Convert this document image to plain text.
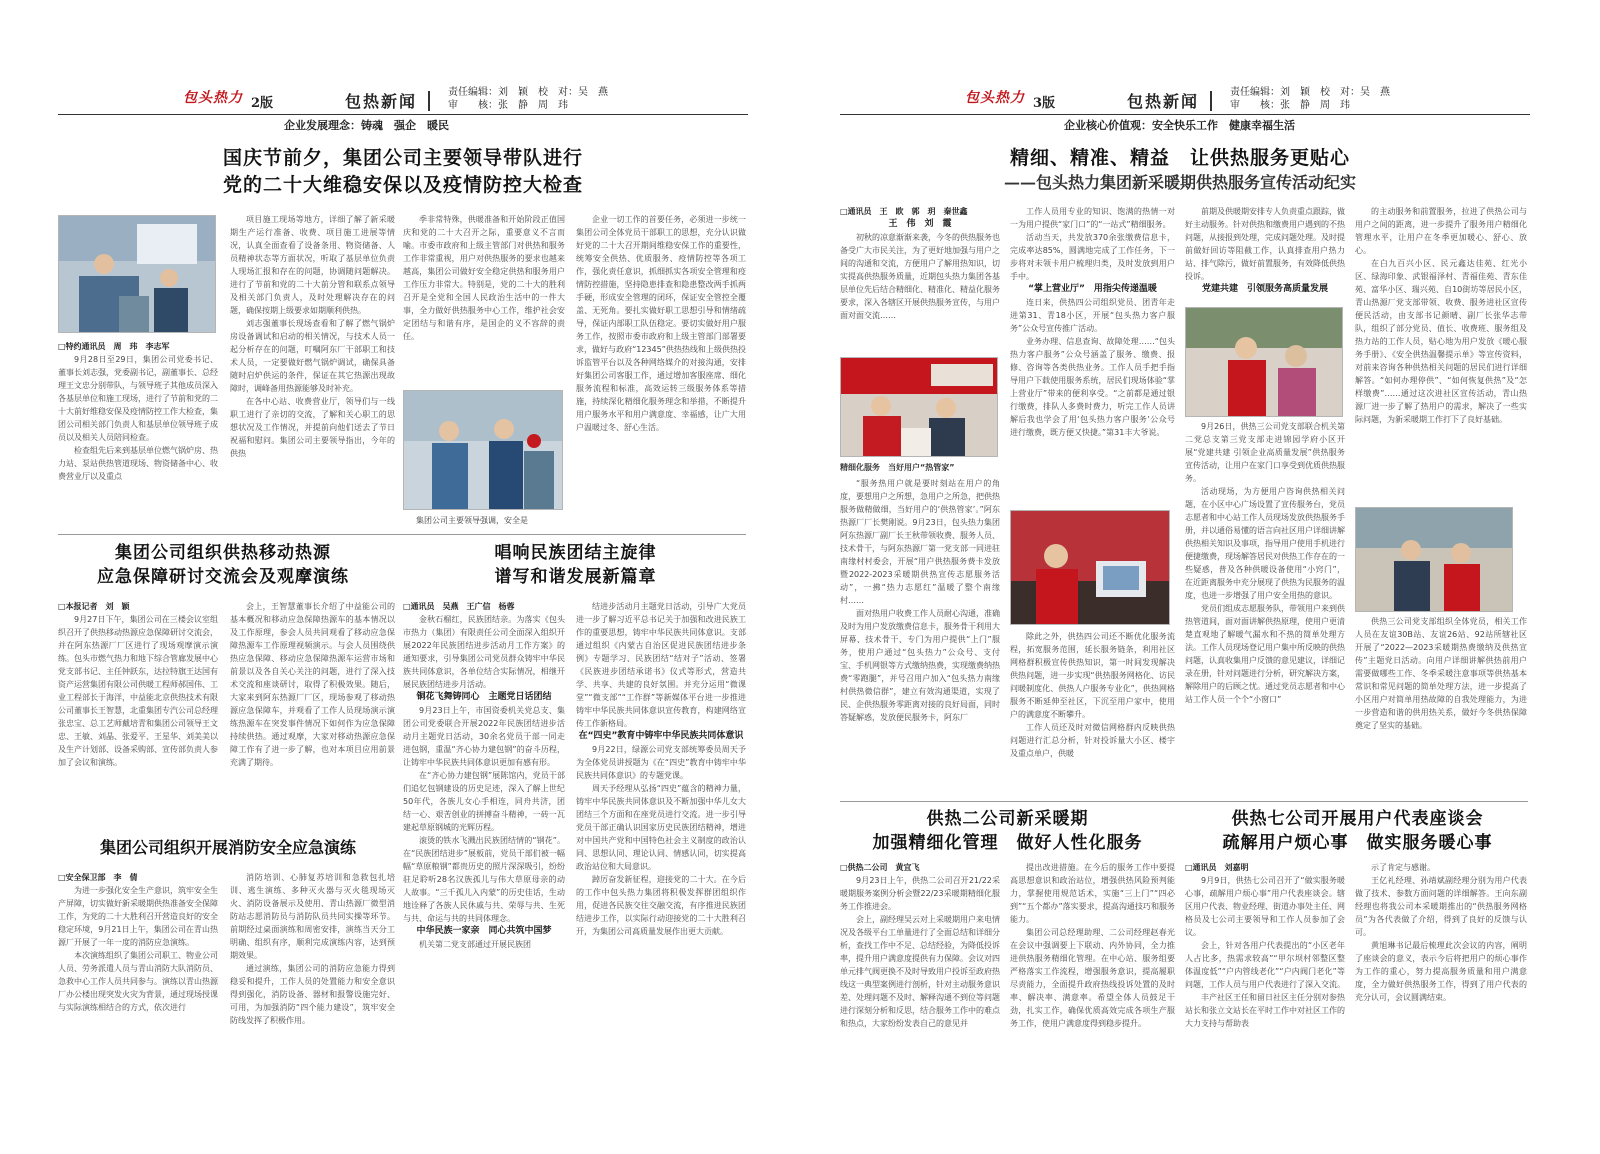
包头热力 2版	包热新闻	责任编辑：刘　颖　校　对：吴　燕
审　　核：张　静　周　玮
企业发展理念：铸魂　强企　暖民
国庆节前夕，集团公司主要领导带队进行
党的二十大维稳安保以及疫情防控大检查

□特约通讯员　周　玮　李志军

9月28日至29日，集团公司党委书记、董事长刘志强，党委副书记，副董事长、总经理王文忠分别带队，与领导班子其他成员深入各基层单位和施工现场，进行了节前和党的二十大前好维稳安保及疫情防控工作大检查，集团公司相关部门负责人和基层单位领导班子成员以及相关人员陪同检查。

检查组先后来到基层单位燃气锅炉房、热力站、泵站供热管道现场、物资储备中心、收费营业厅以及重点

项目施工现场等地方，详细了解了新采暖期生产运行准备、收费、项目施工进展等情况，认真全面查看了设备条用、物资储备、人员精神状态等方面状况，听取了基层单位负责人现场汇报和存在的问题，协调随问题解决。进行了节前和党的二十大前分管和联系点领导及相关部门负责人，及时处理解决存在的问题，确保按期上级要求如期顺利供热。

刘志强董事长现场查看和了解了燃气锅炉房设备调试和启动的相关情况，与技术人员一起分析存在的问题，叮嘱阿东厂干部职工和技术人员，一定要做好燃气锅炉调试，确保具备随时启炉供运的条件，保证在其它热源出现故障时，调峰备用热源能够及时补充。

在各中心站、收费营业厅，领导们与一线职工进行了亲切的交流，了解和关心职工的思想状况及工作情况，并提前向他们送去了节日祝福和慰问。集团公司主要领导指出，今年的供热

季非常特殊，供暖准备和开始阶段正值国庆和党的二十大召开之际，重要意义不言而喻。市委市政府和上级主管部门对供热和服务工作非常重视，用户对供热服务的要求也越来越高，集团公司做好安全稳定供热和服务用户工作压力非常大。特别是，党的二十大的胜利召开是全党和全国人民政治生活中的一件大事，全力做好供热服务中心工作，维护社会安定团结与和谐有序，是国企的义不容辞的责任。

集团公司主要领导强调，安全是

企业一切工作的首要任务，必须进一步统一集团公司全体党员干部职工的思想，充分认识做好党的二十大召开期间维稳安保工作的重要性，统筹安全供热、优质服务、疫情防控等各项工作，强化责任意识，抓细抓实各项安全管理和疫情防控措施，坚持隐患排查和隐患整改两手抓两手硬，形成安全管理的闭环，保证安全管控全覆盖、无死角。要扎实做好职工思想引导和情绪疏导，保证内部职工队伍稳定。要切实做好用户服务工作，按照市委市政府和上级主管部门部署要求，做好与政府“12345”供热热线和上级供热投诉监管平台以及各种网络媒介的对接沟通，安排好集团公司客服工作，通过增加客服座席、细化服务流程和标准，高效运转三级服务体系等措施，持续深化精细化服务理念和举措，不断提升用户服务水平和用户满意度、幸福感，让广大用户温暖过冬、舒心生活。

集团公司组织供热移动热源
应急保障研讨交流会及观摩演练

□本报记者　刘　颖

9月27日下午，集团公司在三楼会议室组织召开了供热移动热源应急保障研讨交流会，并在阿东热源厂厂区进行了现场观摩演示演练。包头市燃气热力和地下综合管廊发展中心党支部书记、主任钟跃东，达拉特旗王达国有资产运营集团有限公司供暖工程师郝国伟、工业工程部长于海洋，中益能北京供热技术有限公司董事长王智慧，北重集团专汽公司总经理张忠宝、总工艺师戴培青和集团公司领导王文忠、王敏、刘晶、张爱平、王星华、刘美美以及生产计划部、设备采购部、宣传部负责人参加了会议和演练。

会上，王智慧董事长介绍了中益能公司的基本概况和移动应急保障热源车的基本情况以及工作原理，参会人员共同观看了移动应急保障热源车工作原理视频演示。与会人员围绕供热应急保障、移动应急保障热源车运营市场和前景以及各自关心关注的问题，进行了深入技术交流和座谈研讨，取得了积极效果。随后，大家来到阿东热源厂厂区，现场参观了移动热源应急保障车，并观看了工作人员现场演示演练热源车在突发事件情况下如何作为应急保障持续供热。通过观摩，大家对移动热源应急保障工作有了进一步了解，也对本项目应用前景充满了期待。

集团公司组织开展消防安全应急演练

□安全保卫部　李　倩

为进一步强化安全生产意识，筑牢安全生产屏障，切实做好新采暖期供热准备安全保障工作，为党的二十大胜利召开营造良好的安全稳定环境，9月21日上午，集团公司在青山热源厂开展了一年一度的消防应急演练。

本次演练组织了集团公司职工、物业公司人员、劳务派遣人员与青山消防大队消防员、急救中心工作人员共同参与。演练以青山热源厂办公楼出现突发火灾为背景，通过现场授课与实际演练相结合的方式，依次进行

消防培训、心肺复苏培训和急救包扎培训、逃生演练、多种灭火器与灭火毯现场灭火、消防设备展示及使用、青山热源厂微型消防站志愿消防员与消防队员共同实操等环节。前期经过桌面演练和周密安排，演练当天分工明确、组织有序，顺利完成演练内容，达到预期效果。

通过演练，集团公司的消防应急能力得到稳妥和提升，工作人员的处置能力和安全意识得到强化，消防设备、器材和报警设施完好、可用，为加强消防“四个能力建设”，筑牢安全防线发挥了积极作用。

唱响民族团结主旋律
谱写和谐发展新篇章

□通讯员　吴燕　王广信　杨蓉

金秋石榴红，民族团结亲。为落实《包头市热力（集团）有限责任公司全面深入组织开展2022年民族团结进步活动月工作方案》的通知要求，引导集团公司党员群众铸牢中华民族共同体意识，各单位结合实际情况，相继开展民族团结进步月活动。

铜花飞舞铸同心　主题党日话团结

9月23日上午，市国资委机关党总支、集团公司党委联合开展2022年民族团结进步活动月主题党日活动，30余名党员干部一同走进包钢，重温“齐心协力建包钢”的奋斗历程，让铸牢中华民族共同体意识更加有感有形。

在“齐心协力建包钢”展陈馆内，党员干部们追忆包钢建设的历史足迹，深入了解上世纪50年代，各族儿女心手相连，同舟共济，团结一心、艰苦创业的拼搏奋斗精神，一砖一瓦建起草原钢城的光辉历程。

滚烫的铁水飞溅出民族团结情的“钢花”。在“民族团结进步”展板前，党员干部们被一幅幅“草原粮钢”都贵历史的照片深深吸引，纷纷驻足聆听28名汉族孤儿与伟大草原母亲的动人故事。“三千孤儿入内蒙”的历史佳话，生动地诠释了各族人民休戚与共、荣辱与共、生死与共、命运与共的共同体理念。

中华民族一家亲　同心共筑中国梦

机关第二党支部通过开展民族团

结进步活动月主题党日活动，引导广大党员进一步了解习近平总书记关于加强和改进民族工作的重要思想，铸牢中华民族共同体意识。支部通过组织《内蒙古自治区促进民族团结进步条例》专题学习、民族团结“结对子”活动、签署《民族进步团结承诺书》仪式等形式，营造共学、共享、共建的良好氛围。并充分运用“微课堂”“微支部”“工作群”等新媒体平台进一步推进铸牢中华民族共同体意识宣传教育，构建网络宣传工作新格局。

在“四史”教育中铸牢中华民族共同体意识

9月22日，绿源公司党支部统筹委员周天予为全体党员讲授题为《在“四史”教育中铸牢中华民族共同体意识》的专题党课。

周天予经理从弘扬“四史”蕴含的精神力量，铸牢中华民族共同体意识及不断加强中华儿女大团结三个方面和在座党员进行交流。进一步引导党员干部正确认识国家历史民族团结精神，增进对中国共产党和中国特色社会主义制度的政治认同、思想认同、理论认同、情感认同，切实提高政治站位和大局意识。

踔厉奋发新征程，迎接党的二十大。在今后的工作中包头热力集团将积极发挥群团组织作用，促进各民族交往交融交流，有序推进民族团结进步工作，以实际行动迎接党的二十大胜利召开，为集团公司高质量发展作出更大贡献。

包头热力 3版	包热新闻	责任编辑：刘　颖　校　对：吴　燕
审　　核：张　静　周　玮
企业核心价值观：安全快乐工作　健康幸福生活
精细、精准、精益　让供热服务更贴心
——包头热力集团新采暖期供热服务宣传活动纪实

□通讯员　王　欧　郭　玥　秦世鑫

王　伟　刘　霞

初秋的凉意渐渐来袭，今冬的供热服务也备受广大市民关注，为了更好地加强与用户之间的沟通和交流，方便用户了解用热知识，切实提高供热服务质量，近期包头热力集团各基层单位先后结合精细化、精准化、精益化服务要求，深入各辖区开展供热服务宣传，与用户面对面交流……

精细化服务　当好用户“热管家”

“服务热用户就是要时刻站在用户的角度，要想用户之所想，急用户之所急，把供热服务做精做细，当好用户的‘供热管家’。”阿东热源厂厂长樊刚说。9月23日，包头热力集团阿东热源厂副厂长王秋带领收费、服务人员、技术骨干，与阿东热源厂第一党支部一同进驻南缘村村委会，开展“用户供热服务费卡发放暨2022-2023采暖期供热宣传志愿服务活动”，一拂“热力志愿红”温暖了整个南缘村……

面对热用户收费工作人员耐心沟通，准确及时为用户发放缴费信息卡，服务骨干利用大屏幕、技术骨干、专门为用户提供“上门”服务，使用户通过“包头热力”公众号、支付宝、手机网银等方式缴纳热费，实现缴费纳热费“零跑腿”，并号召用户加入“包头热力南缘村供热微信群”，建立有效沟通渠道，实现了民、企供热服务零距离对接的良好局面，同时答疑解惑，发放便民服务卡，阿东厂

工作人员用专业的知识、饱满的热情一对一为用户提供“家门口”的“一站式”精细服务。

活动当天，共发放370余张缴费信息卡，完成率达85%，圆满地完成了工作任务，下一步将对未领卡用户梳理归类，及时发放到用户手中。

“掌上营业厅”　用指尖传递温暖

连日来，供热四公司组织党员、团青年走进第31、青18小区，开展“包头热力客户服务”公众号宣传推广活动。

业务办理、信息查询、故障处理……“包头热力客户服务”公众号涵盖了服务、缴费、报修、咨询等各类供热业务。工作人员手把手指导用户下载使用服务系统，居民们现场体验“掌上营业厅”带来的便利享受。“之前都是通过银行缴费，排队人多费时费力，听完工作人员讲解后我也学会了用‘包头热力客户服务’公众号进行缴费，既方便又快捷。”第31丰大爷说。

除此之外，供热四公司还不断优化服务流程，拓宽服务范围，延长服务链条，利用社区网格群积极宣传供热知识，第一时间发现解决供热问题，进一步实现“供热服务网格化、访民问暖制度化、供热人户服务专业化”，供热网格服务不断延伸至社区，下沉至用户家中，使用户的满意度不断攀升。

工作人员还及时对微信网格群内反映供热问题进行汇总分析，针对投诉量大小区、楼宇及重点单户，供暖

前期及供暖期安排专人负责重点跟踪，做好主动服务。针对供热和缴费用户遇到的不热问题，从接报到处理，完成问题处理。及时提前做好回访等阻截工作，认真排查用户热力站、排气除污，做好前置服务，有效降低供热投诉。

党建共建　引领服务高质量发展

9月26日，供热三公司党支部联合机关第二党总支第三党支部走进锦园学府小区开展“党建共建 引领企业高质量发展”供热服务宣传活动，让用户在家门口享受到优质供热服务。

活动现场，为方便用户咨询供热相关问题，在小区中心广场设置了宣传服务台，党员志愿者和中心站工作人员现场发放供热服务手册，并以通俗易懂的语言向社区用户详细讲解供热相关知识及事项，指导用户使用手机进行便捷缴费，现场解答居民对供热工作存在的一些疑惑，普及各种供暖设备使用“小窍门”，在近距离服务中充分展现了供热为民服务的温度，也进一步增强了用户安全用热的意识。

党员们组成志愿服务队，带领用户来到供热管道间，面对面讲解供热原理，使用户更清楚直观地了解暖气漏水和不热的简单处理方法。工作人员现场登记用户集中所反映的供热问题，认真收集用户反馈的意见建议，详细记录在册，针对问题进行分析，研究解决方案，解除用户的后顾之忧。通过党员志愿者和中心站工作人员一个个“小窗口”

的主动服务和前置服务，拉进了供热公司与用户之间的距离，进一步提升了服务用户精细化管理水平，让用户在冬季更加暖心、舒心、放心。

在白九百兴小区、民元鑫达佳苑、红光小区、绿海印象、武银福泽村、青福佳苑、青东佳苑、富华小区、瑞兴苑、自10街坊等居民小区，青山热源厂党支部带领、收费、服务进社区宣传便民活动，由支部书记颜晴、副厂长张华志带队，组织了部分党员、值长、收费班、服务组及热力站的工作人员，贴心地为用户发放《暖心服务手册》、《安全供热温馨提示单》等宣传资料，对前来咨询各种供热相关问题的居民们进行详细解答。“如何办理停供”、“如何恢复供热”及“怎样缴费”……通过这次进社区宣传活动，青山热源厂进一步了解了热用户的需求，解决了一些实际问题，为新采暖期工作打下了良好基础。

供热三公司党支部组织全体党员，相关工作人员在友谊30B站、友谊26站、92站所辖社区开展了“2022—2023采暖期热费缴纳及供热宣传”主题党日活动。向用户详细讲解供热前用户需要做哪些工作、冬季采暖注意事项等供热基本常识和常见问题的简单处理方法，进一步提高了小区用户对简单用热故障的自我处理能力，为进一步营造和谐的供用热关系，做好今冬供热保障奠定了坚实的基础。

供热二公司新采暖期
加强精细化管理　做好人性化服务

□供热二公司　黄宜飞

9月23日上午，供热二公司召开21/22采暖期服务案例分析会暨22/23采暖期精细化服务工作推进会。

会上，副经理吴云对上采暖期用户来电情况及各级平台工单量进行了全面总结和详细分析，查找工作中不足、总结经验，为降低投诉率，提升用户满意度提供有力保障。会议对四单元排气阀更换不及时导致用户投诉至政府热线这一典型案例进行剖析，针对主动服务意识差、处理问题不及时、解释沟通不到位等问题进行深刻分析和反思，结合服务工作中的难点和热点，大家纷纷发表自己的意见并

提出改进措施。在今后的服务工作中要提高思想意识和政治站位，增强供热风险预判能力，掌握使用规范话术，实施“三上门”“四必到”“五个都办”落实要求，提高沟通技巧和服务能力。

集团公司总经理助理、二公司经理赵春光在会议中强调要上下联动、内外协同，全力推进供热服务精细化管理。在中心站、服务组要严格落实工作流程，增强服务意识，提高履职尽责能力，全面提升政府热线投诉处置的及时率、解决率、满意率。希望全体人员鼓足干劲，扎实工作，确保优质高效完成各项生产服务工作，使用户满意度得到稳步提升。

供热七公司开展用户代表座谈会
疏解用户烦心事　做实服务暖心事

□通讯员　刘嘉明

9月9日，供热七公司召开了“做实服务暖心事，疏解用户烦心事”用户代表座谈会。辖区用户代表、物业经理、街道办事处主任、网格员及七公司主要领导和工作人员参加了会议。

会上，针对各用户代表提出的“小区老年人占比多，热需求较高”“甲尔坝村邻整区整体温度低”“户内管线老化”“户内阀门老化”等问题，工作人员与用户代表进行了深入交流。

丰产社区王任和留日社区主任分别对参热站长和张立文站长在平时工作中对社区工作的大力支持与帮助表

示了肯定与感谢。

王亿礼经理、孙靖斌副经理分别为用户代表做了技术、参数方面问题的详细解答。王向东副经理也将我公司本采暖期推出的“供热服务网格员”为各代表做了介绍，得到了良好的反馈与认可。

黄旭琳书记最后梳理此次会议的内容，阐明了座谈会的意义，表示今后将把用户的烦心事作为工作的重心，努力提高服务质量和用户满意度，全力做好供热服务工作，得到了用户代表的充分认可，会议圆满结束。
